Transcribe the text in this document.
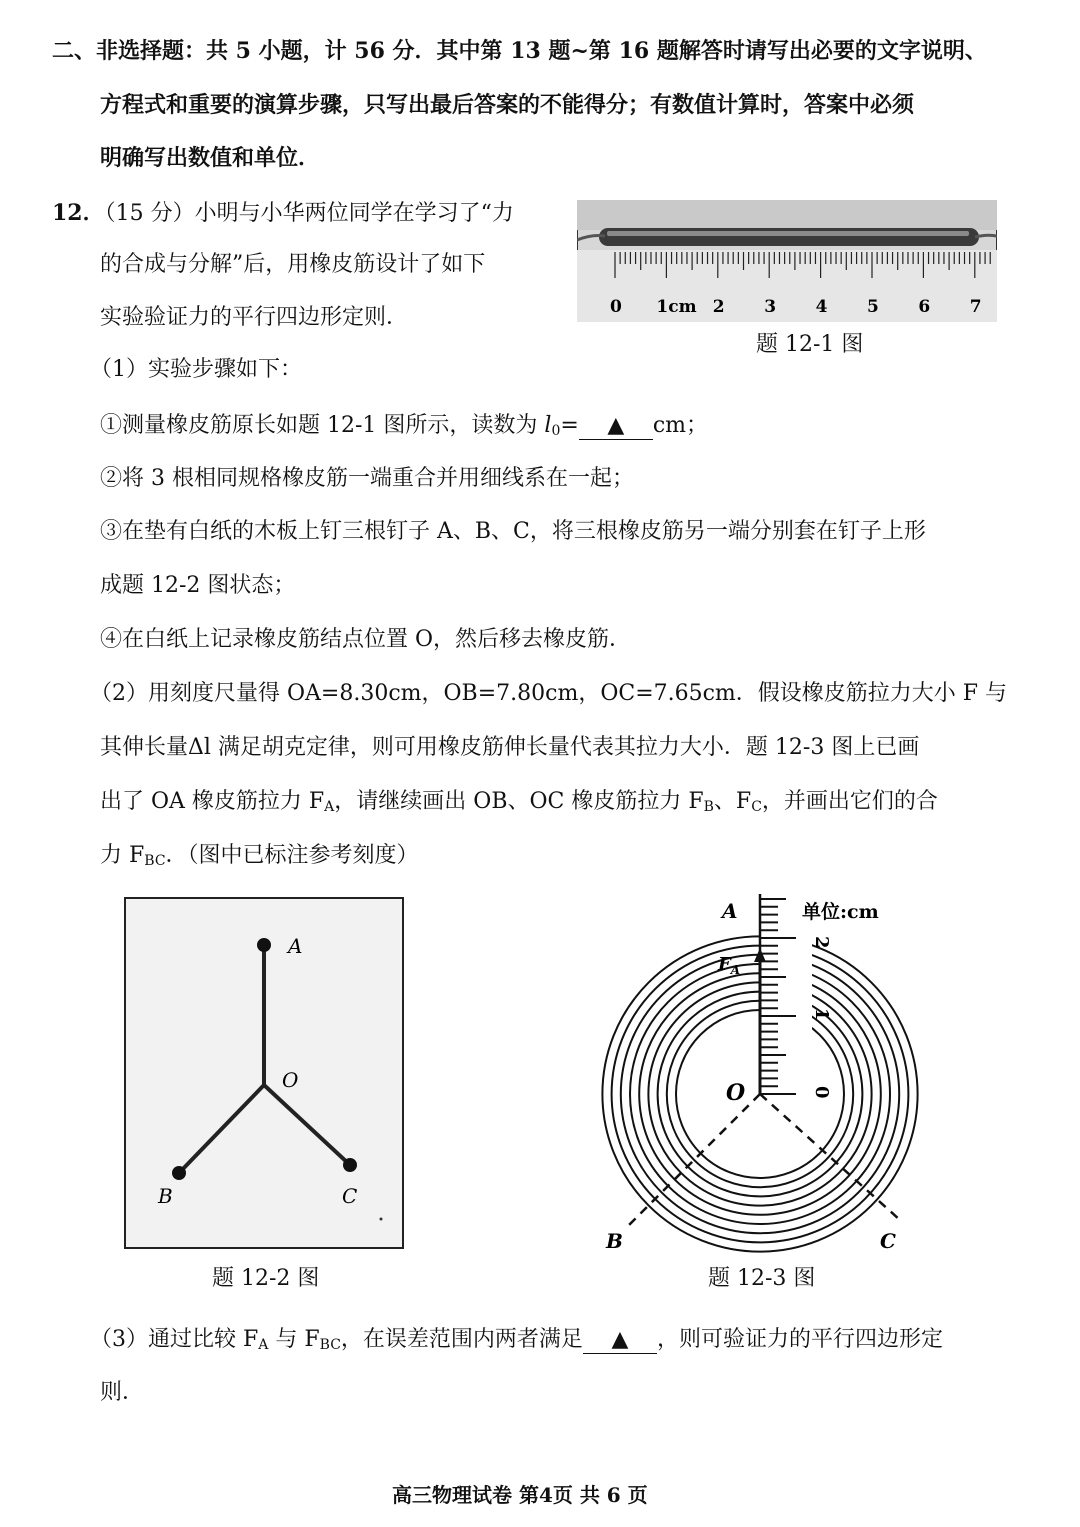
二、非选择题：共 5 小题，计 56 分．其中第 13 题~第 16 题解答时请写出必要的文字说明、
方程式和重要的演算步骤，只写出最后答案的不能得分；有数值计算时，答案中必须
明确写出数值和单位．
12．（15 分）小明与小华两位同学在学习了“力
的合成与分解”后，用橡皮筋设计了如下
实验验证力的平行四边形定则．	0 1cm 2 3 4 5 6 7
题 12-1 图
（1）实验步骤如下：
①测量橡皮筋原长如题 12-1 图所示，读数为 $l_0=$ ▲ cm；
②将 3 根相同规格橡皮筋一端重合并用细线系在一起；
③在垫有白纸的木板上钉三根钉子 A、B、C，将三根橡皮筋另一端分别套在钉子上形
成题 12-2 图状态；
④在白纸上记录橡皮筋结点位置 O，然后移去橡皮筋．
（2）用刻度尺量得 OA=8.30cm，OB=7.80cm，OC=7.65cm．假设橡皮筋拉力大小 F 与
其伸长量Δl 满足胡克定律，则可用橡皮筋伸长量代表其拉力大小．题 12-3 图上已画
出了 OA 橡皮筋拉力 $F_A$，请继续画出 OB、OC 橡皮筋拉力 $F_B$、$F_C$，并画出它们的合
力 $F_{BC}$．（图中已标注参考刻度）
A
O
B	C
题 12-2 图
A	单位:cm
$F_A$
O
B	C
2
1
0
题 12-3 图
（3）通过比较 $F_A$ 与 $F_{BC}$，在误差范围内两者满足 ▲ ，则可验证力的平行四边形定
则．
高三物理试卷 第4页 共 6 页
